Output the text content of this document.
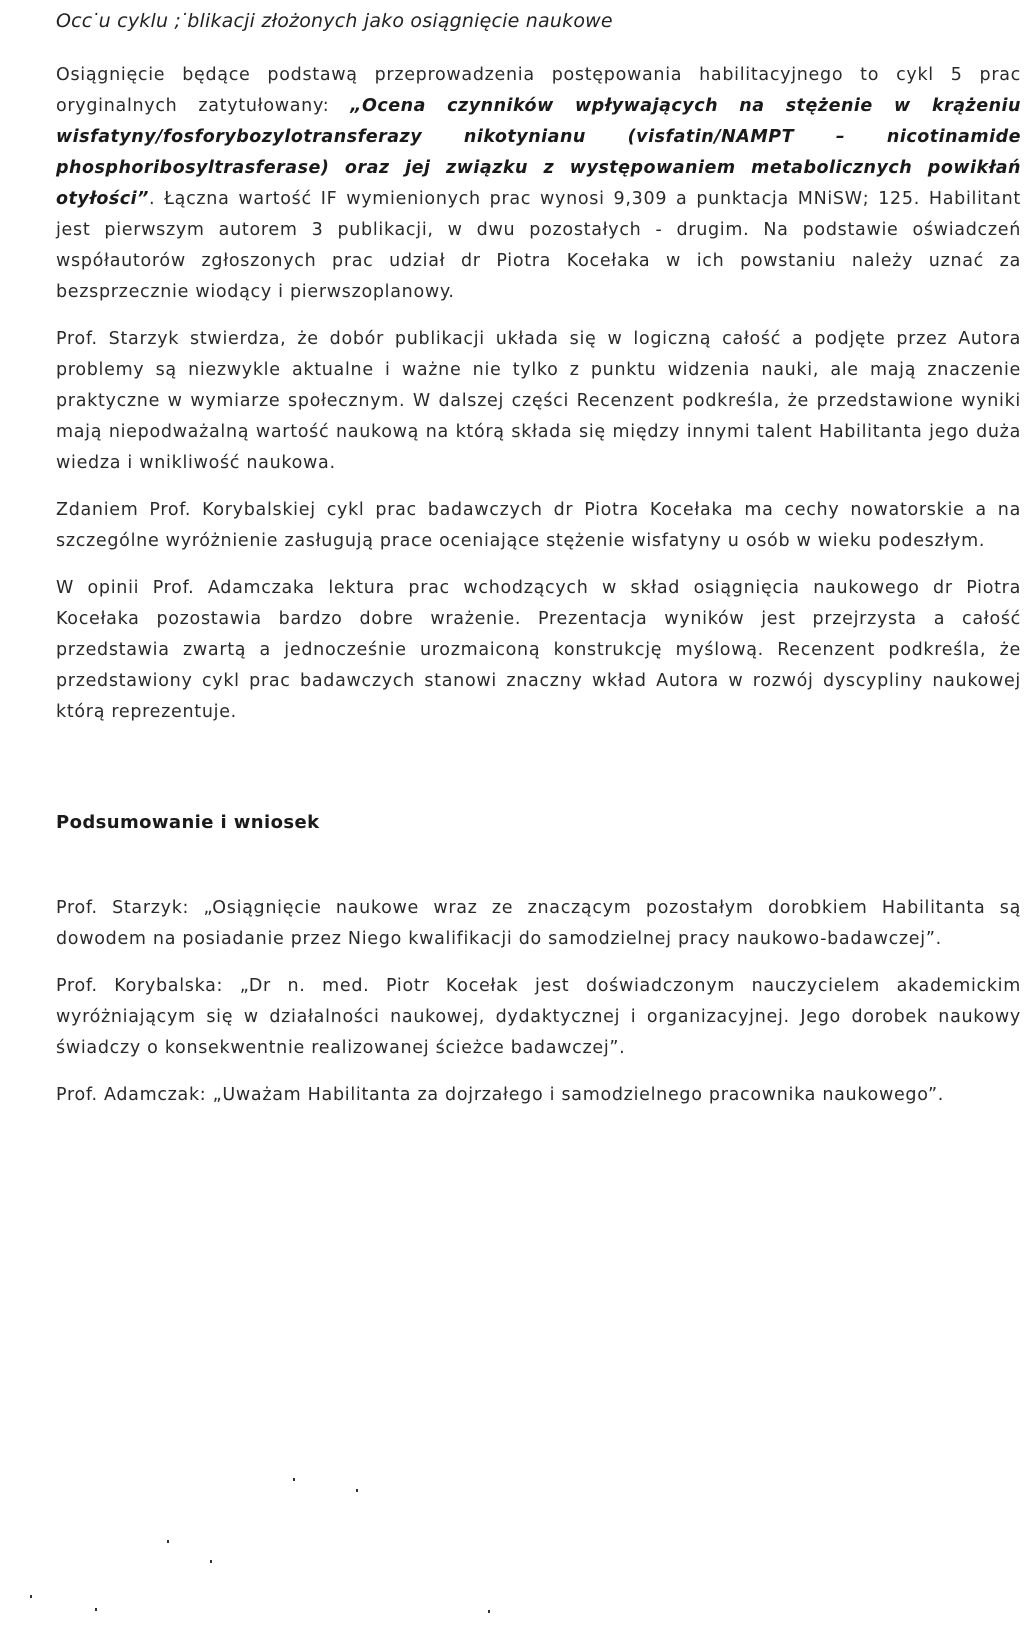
Occ ̇u cyklu ; ̇blikacji złożonych jako osiągnięcie naukowe

Osiągnięcie będące podstawą przeprowadzenia postępowania habilitacyjnego to cykl 5 prac oryginalnych zatytułowany: „Ocena czynników wpływających na stężenie w krążeniu wisfatyny/fosforybozylotransferazy nikotynianu (visfatin/NAMPT – nicotinamide phosphoribosyltrasferase) oraz jej związku z występowaniem metabolicznych powikłań otyłości”. Łączna wartość IF wymienionych prac wynosi 9,309 a punktacja MNiSW; 125. Habilitant jest pierwszym autorem 3 publikacji, w dwu pozostałych - drugim. Na podstawie oświadczeń współautorów zgłoszonych prac udział dr Piotra Kocełaka w ich powstaniu należy uznać za bezsprzecznie wiodący i pierwszoplanowy.

Prof. Starzyk stwierdza, że dobór publikacji układa się w logiczną całość a podjęte przez Autora problemy są niezwykle aktualne i ważne nie tylko z punktu widzenia nauki, ale mają znaczenie praktyczne w wymiarze społecznym. W dalszej części Recenzent podkreśla, że przedstawione wyniki mają niepodważalną wartość naukową na którą składa się między innymi talent Habilitanta jego duża wiedza i wnikliwość naukowa.

Zdaniem Prof. Korybalskiej cykl prac badawczych dr Piotra Kocełaka ma cechy nowatorskie a na szczególne wyróżnienie zasługują prace oceniające stężenie wisfatyny u osób w wieku podeszłym.

W opinii Prof. Adamczaka lektura prac wchodzących w skład osiągnięcia naukowego dr Piotra Kocełaka pozostawia bardzo dobre wrażenie. Prezentacja wyników jest przejrzysta a całość przedstawia zwartą a jednocześnie urozmaiconą konstrukcję myślową. Recenzent podkreśla, że przedstawiony cykl prac badawczych stanowi znaczny wkład Autora w rozwój dyscypliny naukowej którą reprezentuje.

Podsumowanie i wniosek

Prof. Starzyk: „Osiągnięcie naukowe wraz ze znaczącym pozostałym dorobkiem Habilitanta są dowodem na posiadanie przez Niego kwalifikacji do samodzielnej pracy naukowo-badawczej”.

Prof. Korybalska: „Dr n. med. Piotr Kocełak jest doświadczonym nauczycielem akademickim wyróżniającym się w działalności naukowej, dydaktycznej i organizacyjnej. Jego dorobek naukowy świadczy o konsekwentnie realizowanej ścieżce badawczej”.

Prof. Adamczak: „Uważam Habilitanta za dojrzałego i samodzielnego pracownika naukowego”.
